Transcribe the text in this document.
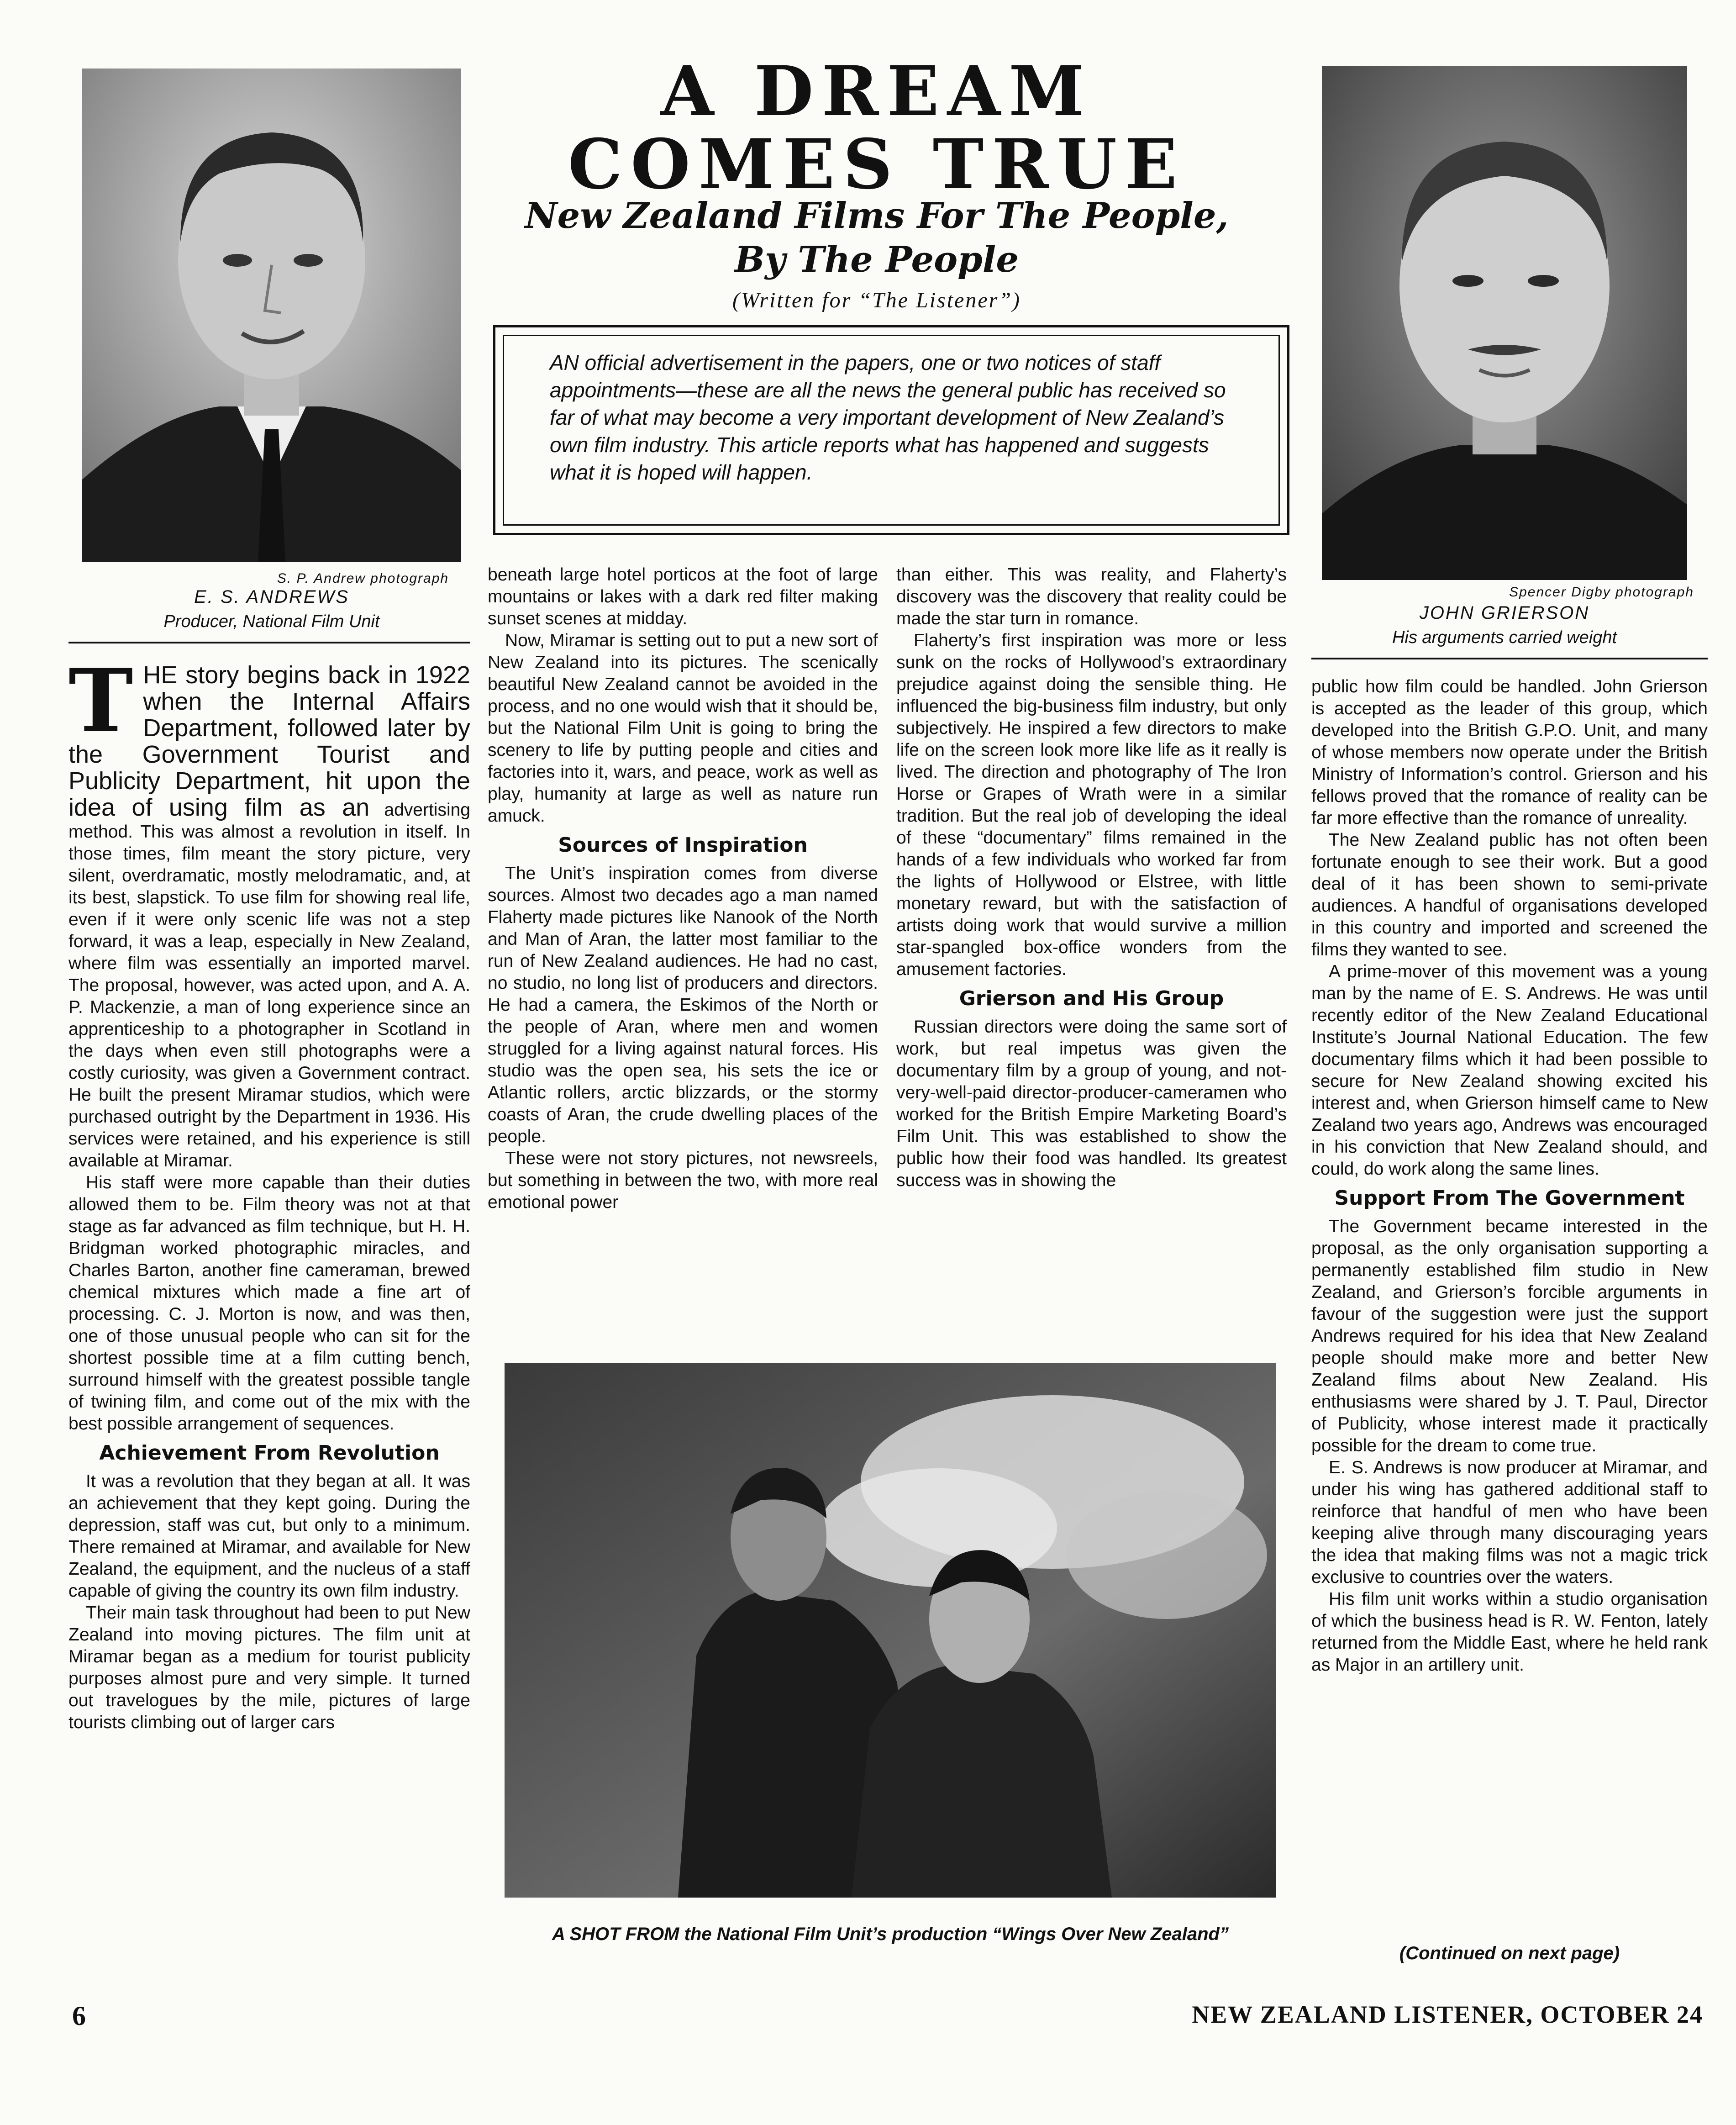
A DREAM COMES TRUE
New Zealand Films For The People, By The People
(Written for “The Listener”)
AN official advertisement in the papers, one or two notices of staff appointments—these are all the news the general public has received so far of what may become a very important development of New Zealand’s own film industry. This article reports what has happened and suggests what it is hoped will happen.
S. P. Andrew photograph
E. S. ANDREWS
Producer, National Film Unit
Spencer Digby photograph
JOHN GRIERSON
His arguments carried weight

T HE story begins back in 1922 when the Internal Affairs Department, followed later by the Government Tourist and Publicity Department, hit upon the idea of using film as an advertising method. This was almost a revolution in itself. In those times, film meant the story picture, very silent, overdramatic, mostly melodramatic, and, at its best, slapstick. To use film for showing real life, even if it were only scenic life was not a step forward, it was a leap, especially in New Zealand, where film was essentially an imported marvel. The proposal, however, was acted upon, and A. A. P. Mackenzie, a man of long experience since an apprenticeship to a photographer in Scotland in the days when even still photographs were a costly curiosity, was given a Government contract. He built the present Miramar studios, which were purchased outright by the Department in 1936. His services were retained, and his experience is still available at Miramar.

His staff were more capable than their duties allowed them to be. Film theory was not at that stage as far advanced as film technique, but H. H. Bridgman worked photographic miracles, and Charles Barton, another fine cameraman, brewed chemical mixtures which made a fine art of processing. C. J. Morton is now, and was then, one of those unusual people who can sit for the shortest possible time at a film cutting bench, surround himself with the greatest possible tangle of twining film, and come out of the mix with the best possible arrangement of sequences.

Achievement From Revolution

It was a revolution that they began at all. It was an achievement that they kept going. During the depression, staff was cut, but only to a minimum. There remained at Miramar, and available for New Zealand, the equipment, and the nucleus of a staff capable of giving the country its own film industry.

Their main task throughout had been to put New Zealand into moving pictures. The film unit at Miramar began as a medium for tourist publicity purposes almost pure and very simple. It turned out travelogues by the mile, pictures of large tourists climbing out of larger cars

beneath large hotel porticos at the foot of large mountains or lakes with a dark red filter making sunset scenes at midday.

Now, Miramar is setting out to put a new sort of New Zealand into its pictures. The scenically beautiful New Zealand cannot be avoided in the process, and no one would wish that it should be, but the National Film Unit is going to bring the scenery to life by putting people and cities and factories into it, wars, and peace, work as well as play, humanity at large as well as nature run amuck.

Sources of Inspiration

The Unit’s inspiration comes from diverse sources. Almost two decades ago a man named Flaherty made pictures like Nanook of the North and Man of Aran, the latter most familiar to the run of New Zealand audiences. He had no cast, no studio, no long list of producers and directors. He had a camera, the Eskimos of the North or the people of Aran, where men and women struggled for a living against natural forces. His studio was the open sea, his sets the ice or Atlantic rollers, arctic blizzards, or the stormy coasts of Aran, the crude dwelling places of the people.

These were not story pictures, not newsreels, but something in between the two, with more real emotional power

than either. This was reality, and Flaherty’s discovery was the discovery that reality could be made the star turn in romance.

Flaherty’s first inspiration was more or less sunk on the rocks of Hollywood’s extraordinary prejudice against doing the sensible thing. He influenced the big-business film industry, but only subjectively. He inspired a few directors to make life on the screen look more like life as it really is lived. The direction and photography of The Iron Horse or Grapes of Wrath were in a similar tradition. But the real job of developing the ideal of these “documentary” films remained in the hands of a few individuals who worked far from the lights of Hollywood or Elstree, with little monetary reward, but with the satisfaction of artists doing work that would survive a million star-spangled box-office wonders from the amusement factories.

Grierson and His Group

Russian directors were doing the same sort of work, but real impetus was given the documentary film by a group of young, and not-very-well-paid director-producer-cameramen who worked for the British Empire Marketing Board’s Film Unit. This was established to show the public how their food was handled. Its greatest success was in showing the

public how film could be handled. John Grierson is accepted as the leader of this group, which developed into the British G.P.O. Unit, and many of whose members now operate under the British Ministry of Information’s control. Grierson and his fellows proved that the romance of reality can be far more effective than the romance of unreality.

The New Zealand public has not often been fortunate enough to see their work. But a good deal of it has been shown to semi-private audiences. A handful of organisations developed in this country and imported and screened the films they wanted to see.

A prime-mover of this movement was a young man by the name of E. S. Andrews. He was until recently editor of the New Zealand Educational Institute’s Journal National Education. The few documentary films which it had been possible to secure for New Zealand showing excited his interest and, when Grierson himself came to New Zealand two years ago, Andrews was encouraged in his conviction that New Zealand should, and could, do work along the same lines.

Support From The Government

The Government became interested in the proposal, as the only organisation supporting a permanently established film studio in New Zealand, and Grierson’s forcible arguments in favour of the suggestion were just the support Andrews required for his idea that New Zealand people should make more and better New Zealand films about New Zealand. His enthusiasms were shared by J. T. Paul, Director of Publicity, whose interest made it practically possible for the dream to come true.

E. S. Andrews is now producer at Miramar, and under his wing has gathered additional staff to reinforce that handful of men who have been keeping alive through many discouraging years the idea that making films was not a magic trick exclusive to countries over the waters.

His film unit works within a studio organisation of which the business head is R. W. Fenton, lately returned from the Middle East, where he held rank as Major in an artillery unit.

A SHOT FROM the National Film Unit’s production “Wings Over New Zealand”
(Continued on next page)
6	NEW ZEALAND LISTENER, OCTOBER 24
